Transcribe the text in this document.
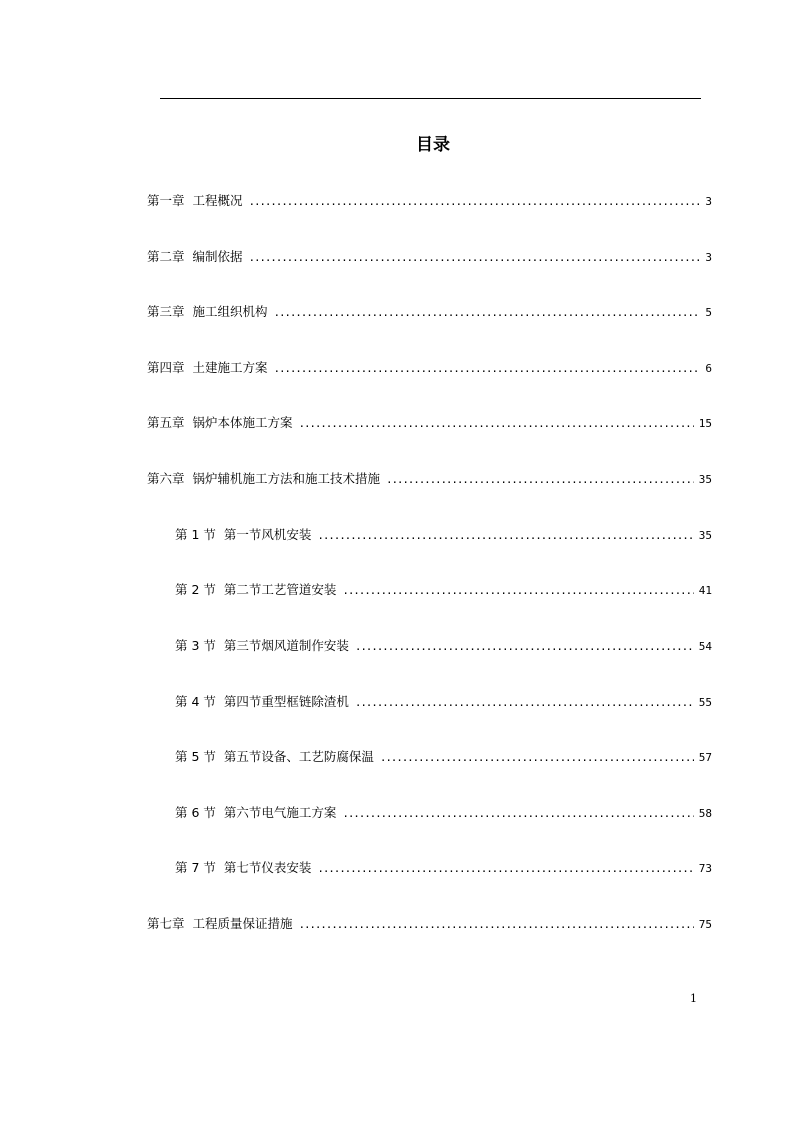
目录
第一章 工程概况 . . .	3
第二章 编制依据 . . .	3
第三章 施工组织机构 . . .	5
第四章 土建施工方案 . . .	6
第五章 锅炉本体施工方案 . . .	15
第六章 锅炉辅机施工方法和施工技术措施 . . .	35
第 1 节 第一节风机安装 . . .	35
第 2 节 第二节工艺管道安装 . . .	41
第 3 节 第三节烟风道制作安装 . . .	54
第 4 节 第四节重型框链除渣机 . . .	55
第 5 节 第五节设备、工艺防腐保温 . . .	57
第 6 节 第六节电气施工方案 . . .	58
第 7 节 第七节仪表安装 . . .	73
第七章 工程质量保证措施 . . .	75
1
